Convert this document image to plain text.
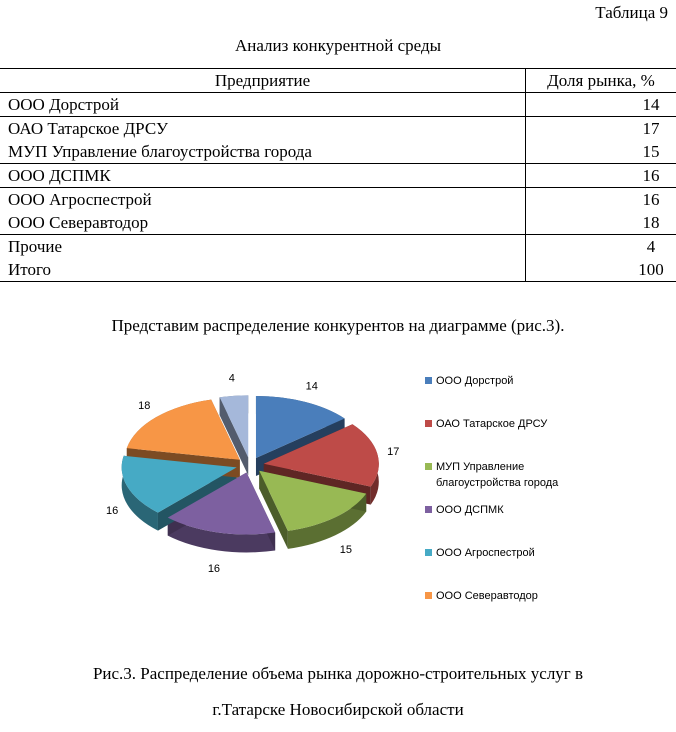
Таблица 9
Анализ конкурентной среды
Предприятие	Доля рынка, %
ООО Дорстрой	14
ОАО Татарское ДРСУ	17
МУП Управление благоустройства города	15
ООО ДСПМК	16
ООО Агроспестрой	16
ООО Северавтодор	18
Прочие	4
Итого	100
Представим распределение конкурентов на диаграмме (рис.3).
14
17
15
16
16
18
4	ООО Дорстрой
ОАО Татарское ДРСУ
МУП Управление
благоустройства города
ООО ДСПМК
ООО Агроспестрой
ООО Северавтодор
Рис.3. Распределение объема рынка дорожно-строительных услуг в
г.Татарске Новосибирской области
